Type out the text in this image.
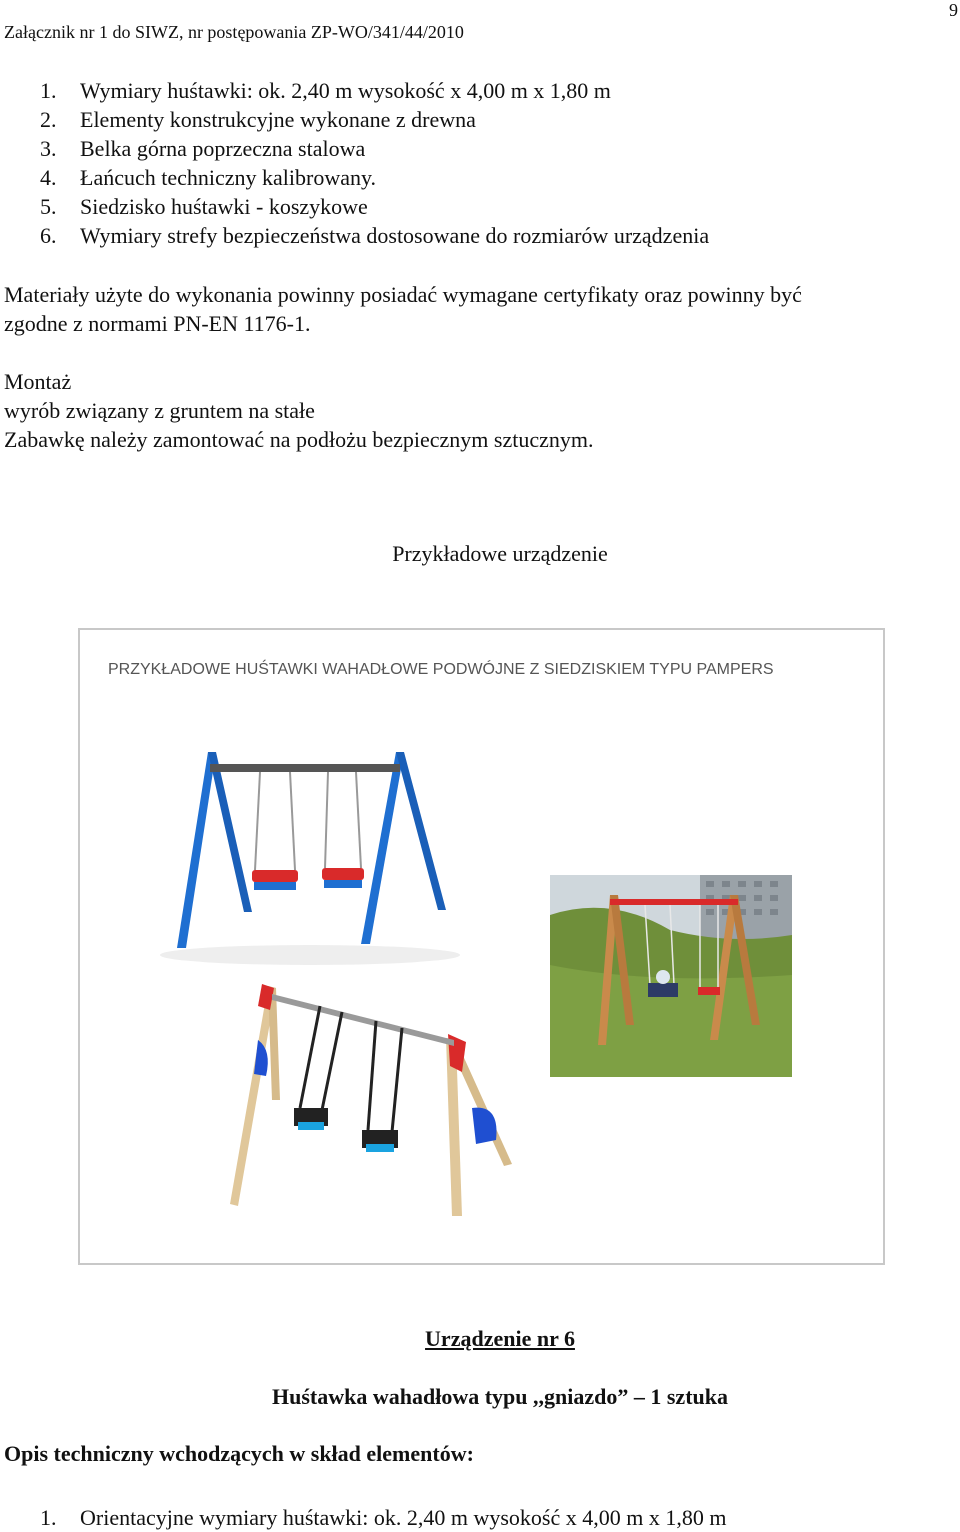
Załącznik nr 1 do SIWZ, nr postępowania ZP-WO/341/44/2010
9
1. Wymiary huśtawki: ok. 2,40 m wysokość x 4,00 m x 1,80 m
2. Elementy konstrukcyjne wykonane z drewna
3. Belka górna poprzeczna stalowa
4. Łańcuch techniczny kalibrowany.
5. Siedzisko huśtawki - koszykowe
6. Wymiary strefy bezpieczeństwa dostosowane do rozmiarów urządzenia
Materiały użyte do wykonania powinny posiadać wymagane certyfikaty oraz powinny być
zgodne z normami PN-EN 1176-1.
Montaż
wyrób związany z gruntem na stałe
Zabawkę należy zamontować na podłożu bezpiecznym sztucznym.
Przykładowe urządzenie
PRZYKŁADOWE HUŚTAWKI WAHADŁOWE PODWÓJNE Z SIEDZISKIEM TYPU PAMPERS
Urządzenie nr 6
Huśtawka wahadłowa typu ,,gniazdo” – 1 sztuka
Opis techniczny wchodzących w skład elementów:
1. Orientacyjne wymiary huśtawki: ok. 2,40 m wysokość x 4,00 m x 1,80 m
